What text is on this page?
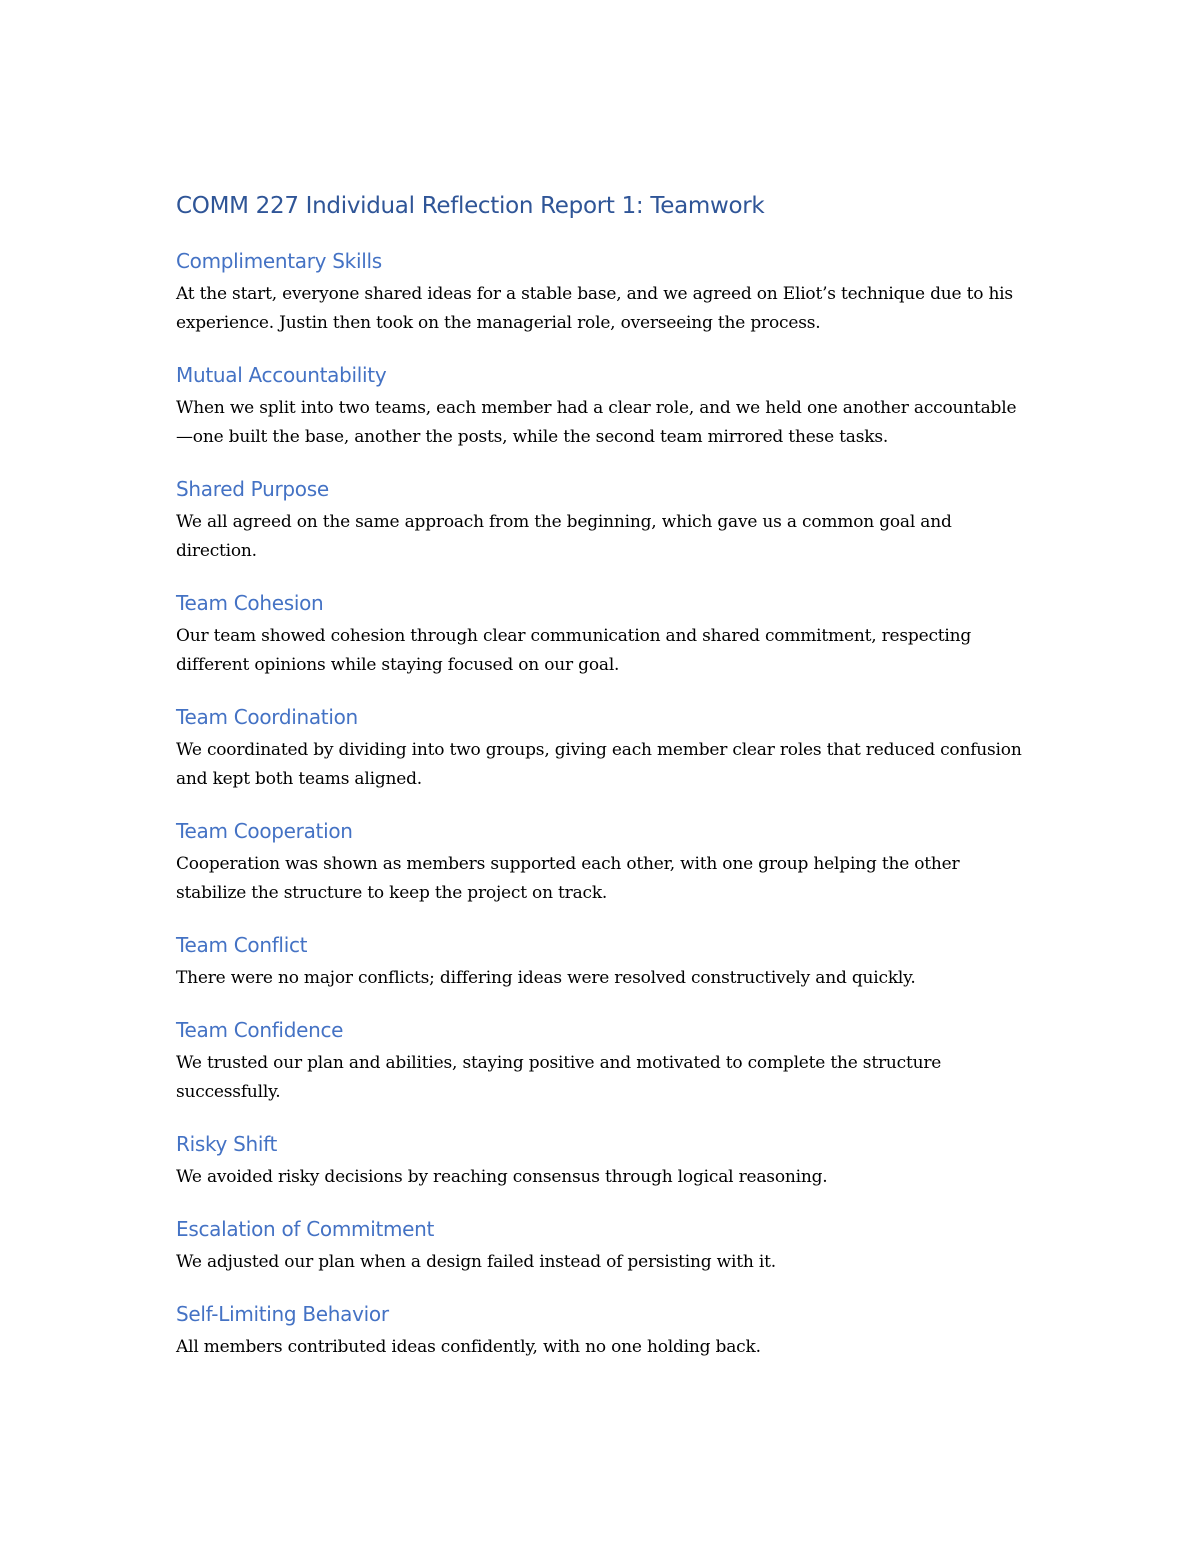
COMM 227 Individual Reflection Report 1: Teamwork
Complimentary Skills

At the start, everyone shared ideas for a stable base, and we agreed on Eliot’s technique due to his experience. Justin then took on the managerial role, overseeing the process.

Mutual Accountability

When we split into two teams, each member had a clear role, and we held one another accountable—one built the base, another the posts, while the second team mirrored these tasks.

Shared Purpose

We all agreed on the same approach from the beginning, which gave us a common goal and direction.

Team Cohesion

Our team showed cohesion through clear communication and shared commitment, respecting different opinions while staying focused on our goal.

Team Coordination

We coordinated by dividing into two groups, giving each member clear roles that reduced confusion and kept both teams aligned.

Team Cooperation

Cooperation was shown as members supported each other, with one group helping the other stabilize the structure to keep the project on track.

Team Conflict

There were no major conflicts; differing ideas were resolved constructively and quickly.

Team Confidence

We trusted our plan and abilities, staying positive and motivated to complete the structure successfully.

Risky Shift

We avoided risky decisions by reaching consensus through logical reasoning.

Escalation of Commitment

We adjusted our plan when a design failed instead of persisting with it.

Self-Limiting Behavior

All members contributed ideas confidently, with no one holding back.
